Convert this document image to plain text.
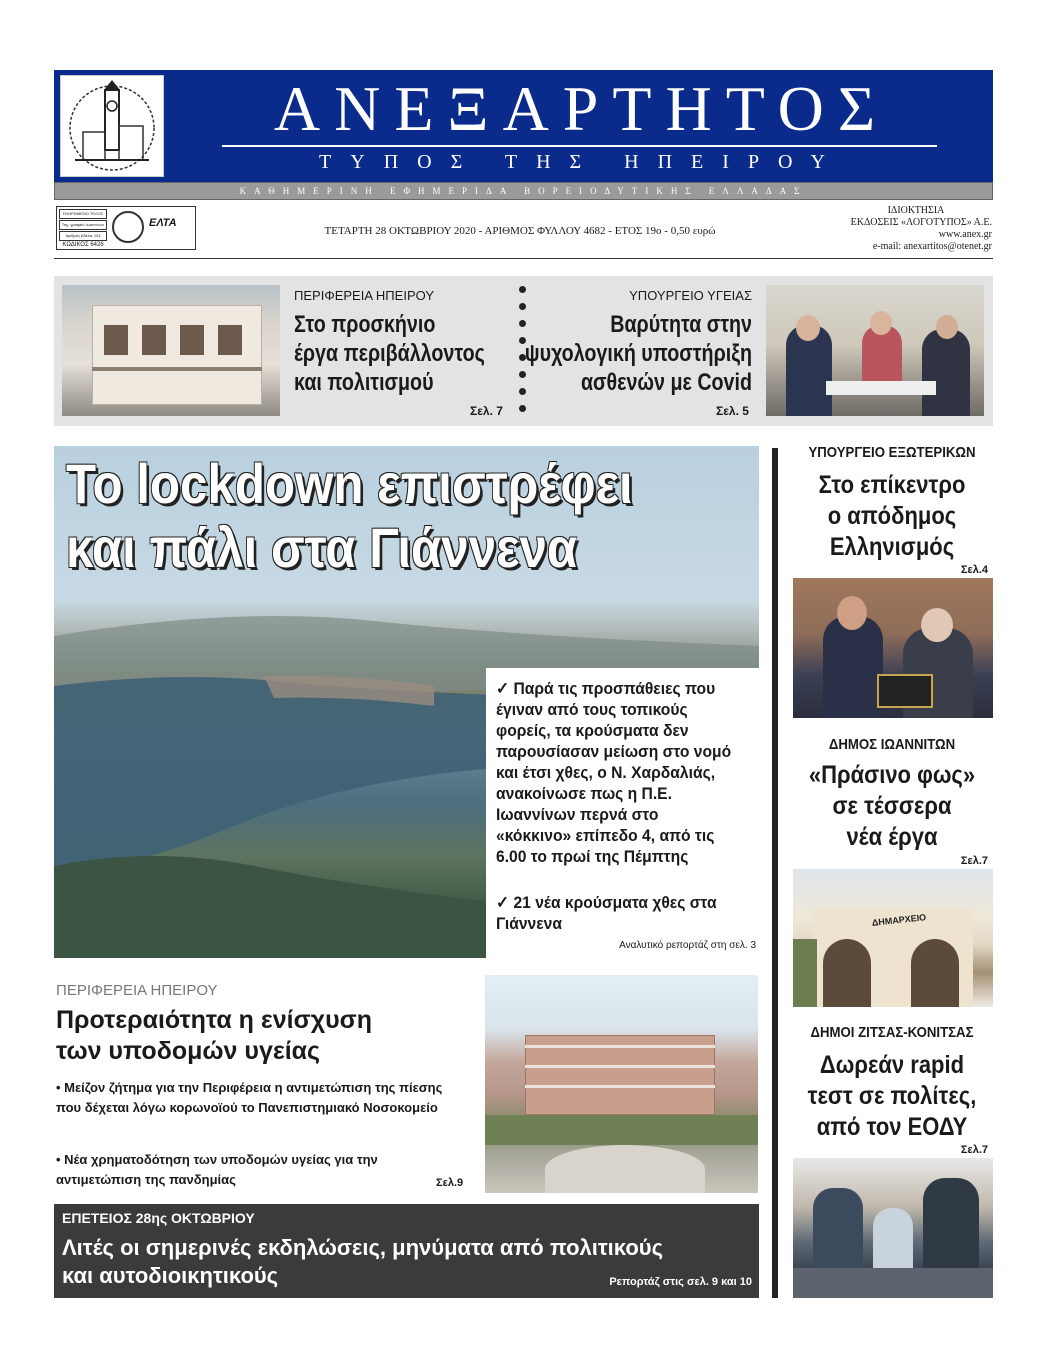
ΑΝΕΞΑΡΤΗΤΟΣ
ΤΥΠΟΣ ΤΗΣ ΗΠΕΙΡΟΥ
ΚΑΘΗΜΕΡΙΝΗ ΕΦΗΜΕΡΙΔΑ ΒΟΡΕΙΟΔΥΤΙΚΗΣ ΕΛΛΑΔΑΣ
ΠΛΗΡΩΜΕΝΟ ΤΕΛΟΣ
Ταχ. γραφείο Ιωαννίνων
Αριθμός Άδειας 124
ΚΩΔΙΚΟΣ 6426
ΕΛΤΑ
ΤΕΤΑΡΤΗ 28 ΟΚΤΩΒΡΙΟΥ 2020 - ΑΡΙΘΜΟΣ ΦΥΛΛΟΥ 4682 - ΕΤΟΣ 19ο - 0,50 ευρώ
ΙΔΙΟΚΤΗΣΙΑ
ΕΚΔΟΣΕΙΣ «ΛΟΓΟΤΥΠΟΣ» Α.Ε.
www.anex.gr
e-mail: anexartitos@otenet.gr
ΠΕΡΙΦΕΡΕΙΑ ΗΠΕΙΡΟΥ
Στο προσκήνιο
έργα περιβάλλοντος
και πολιτισμού
Σελ. 7
ΥΠΟΥΡΓΕΙΟ ΥΓΕΙΑΣ
Βαρύτητα στην
ψυχολογική υποστήριξη
ασθενών με Covid
Σελ. 5
Το lockdown επιστρέφει
και πάλι στα Γιάννενα
✓ Παρά τις προσπάθειες που έγιναν από τους τοπικούς φορείς, τα κρούσματα δεν παρουσίασαν μείωση στο νομό και έτσι χθες, ο Ν. Χαρδαλιάς, ανακοίνωσε πως η Π.Ε. Ιωαννίνων περνά στο «κόκκινο» επίπεδο 4, από τις 6.00 το πρωί της Πέμπτης
✓ 21 νέα κρούσματα χθες στα Γιάννενα
Αναλυτικό ρεπορτάζ στη σελ. 3
ΠΕΡΙΦΕΡΕΙΑ ΗΠΕΙΡΟΥ
Προτεραιότητα η ενίσχυση
των υποδομών υγείας
• Μείζον ζήτημα για την Περιφέρεια η αντιμετώπιση της πίεσης που δέχεται λόγω κορωνοϊού το Πανεπιστημιακό Νοσοκομείο
• Νέα χρηματοδότηση των υποδομών υγείας για την αντιμετώπιση της πανδημίας	Σελ.9
ΕΠΕΤΕΙΟΣ 28ης ΟΚΤΩΒΡΙΟΥ
Λιτές οι σημερινές εκδηλώσεις, μηνύματα από πολιτικούς
και αυτοδιοικητικούς	Ρεπορτάζ στις σελ. 9 και 10
ΥΠΟΥΡΓΕΙΟ ΕΞΩΤΕΡΙΚΩΝ
Στο επίκεντρο
ο απόδημος
Ελληνισμός
Σελ.4
ΔΗΜΟΣ ΙΩΑΝΝΙΤΩΝ
«Πράσινο φως»
σε τέσσερα
νέα έργα
Σελ.7
ΔΗΜΑΡΧΕΙΟ
ΔΗΜΟΙ ΖΙΤΣΑΣ-ΚΟΝΙΤΣΑΣ
Δωρεάν rapid
τεστ σε πολίτες,
από τον ΕΟΔΥ
Σελ.7
